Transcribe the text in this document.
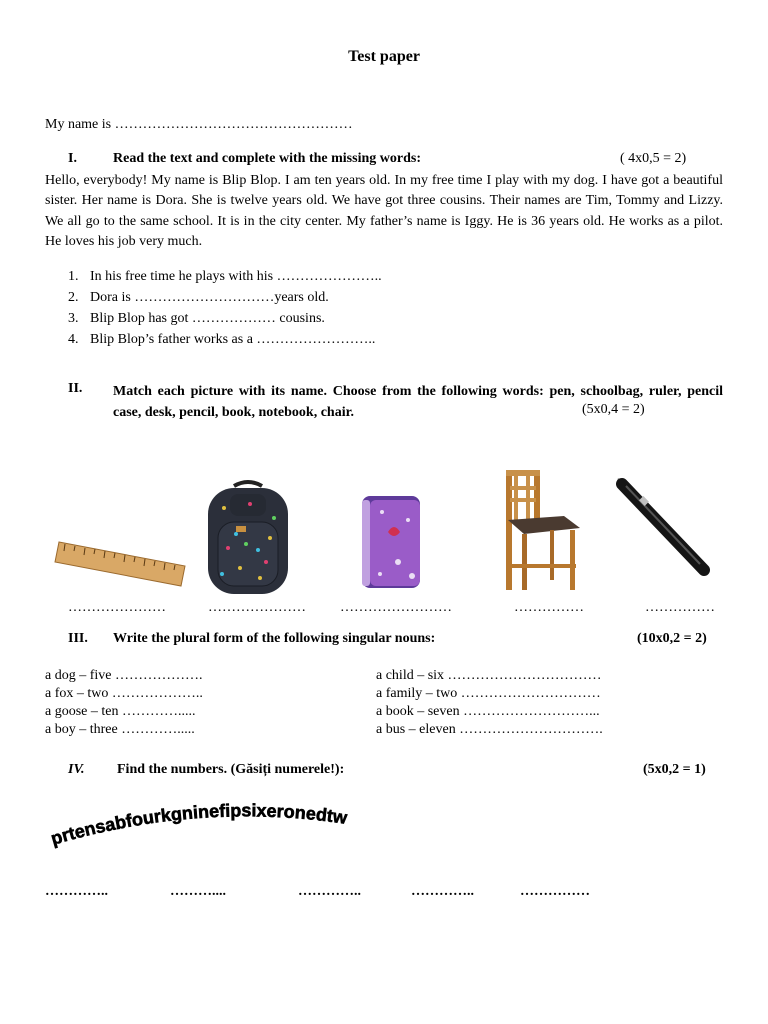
Test paper
My name is ……………………………………………
I.	Read the text and complete with the missing words:	( 4x0,5 = 2)
Hello, everybody! My name is Blip Blop. I am ten years old. In my free time I play with my dog. I have got a beautiful sister. Her name is Dora. She is twelve years old. We have got three cousins. Their names are Tim, Tommy and Lizzy. We all go to the same school. It is in the city center. My father’s name is Iggy. He is 36 years old. He works as a pilot. He loves his job very much.
1. In his free time he plays with his …………………..
2. Dora is …………………………years old.
3. Blip Blop has got ……………… cousins.
4. Blip Blop’s father works as a ……………………..
II. Match each picture with its name. Choose from the following words: pen, schoolbag, ruler, pencil case, desk, pencil, book, notebook, chair.	(5x0,4 = 2)
…………………	………………… ……………………	……………	……………
III. Write the plural form of the following singular nouns:	(10x0,2 = 2)
a dog – five ……………….
a fox – two ………………..
a goose – ten ………….....
a boy – three ………….....
a child – six ……………………………
a family – two …………………………
a book – seven ………………………...
a bus – eleven ………………………….
IV. Find the numbers. (Găsiți numerele!):	(5x0,2 = 1)
prtensabfourkgninefipsixeronedtw
…………..	………....	…………..	…………..	……………
